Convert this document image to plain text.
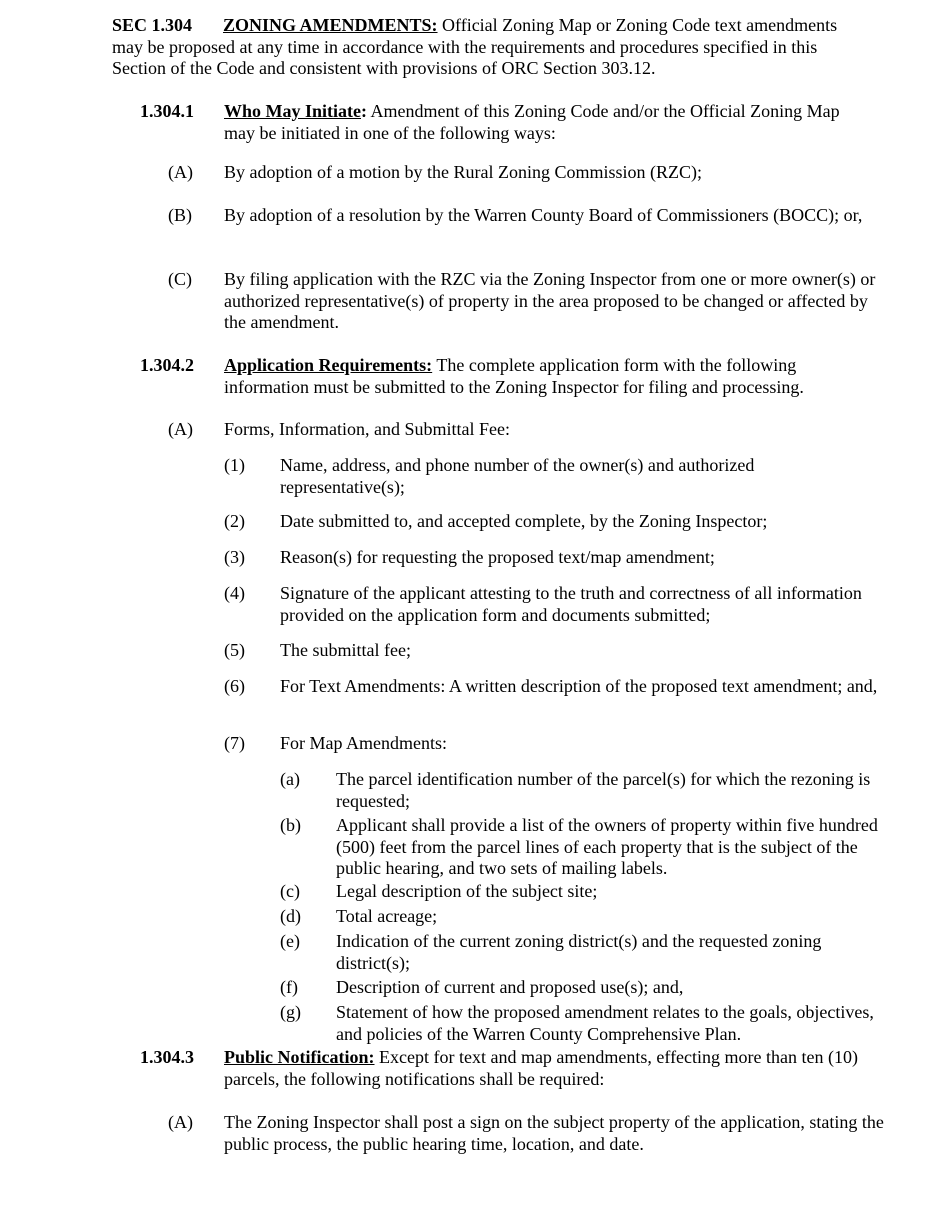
SEC 1.304 ZONING AMENDMENTS: Official Zoning Map or Zoning Code text amendments may be proposed at any time in accordance with the requirements and procedures specified in this Section of the Code and consistent with provisions of ORC Section 303.12.

1.304.1 Who May Initiate: Amendment of this Zoning Code and/or the Official Zoning Map may be initiated in one of the following ways:
(A) By adoption of a motion by the Rural Zoning Commission (RZC);
(B) By adoption of a resolution by the Warren County Board of Commissioners (BOCC); or,
(C) By filing application with the RZC via the Zoning Inspector from one or more owner(s) or authorized representative(s) of property in the area proposed to be changed or affected by the amendment.
1.304.2 Application Requirements: The complete application form with the following information must be submitted to the Zoning Inspector for filing and processing.
(A) Forms, Information, and Submittal Fee:
(1) Name, address, and phone number of the owner(s) and authorized representative(s);
(2) Date submitted to, and accepted complete, by the Zoning Inspector;
(3) Reason(s) for requesting the proposed text/map amendment;
(4) Signature of the applicant attesting to the truth and correctness of all information provided on the application form and documents submitted;
(5) The submittal fee;
(6) For Text Amendments: A written description of the proposed text amendment; and,
(7) For Map Amendments:
(a) The parcel identification number of the parcel(s) for which the rezoning is requested;
(b) Applicant shall provide a list of the owners of property within five hundred (500) feet from the parcel lines of each property that is the subject of the public hearing, and two sets of mailing labels.
(c) Legal description of the subject site;
(d) Total acreage;
(e) Indication of the current zoning district(s) and the requested zoning district(s);
(f) Description of current and proposed use(s); and,
(g) Statement of how the proposed amendment relates to the goals, objectives, and policies of the Warren County Comprehensive Plan.
1.304.3 Public Notification: Except for text and map amendments, effecting more than ten (10) parcels, the following notifications shall be required:
(A) The Zoning Inspector shall post a sign on the subject property of the application, stating the public process, the public hearing time, location, and date.
